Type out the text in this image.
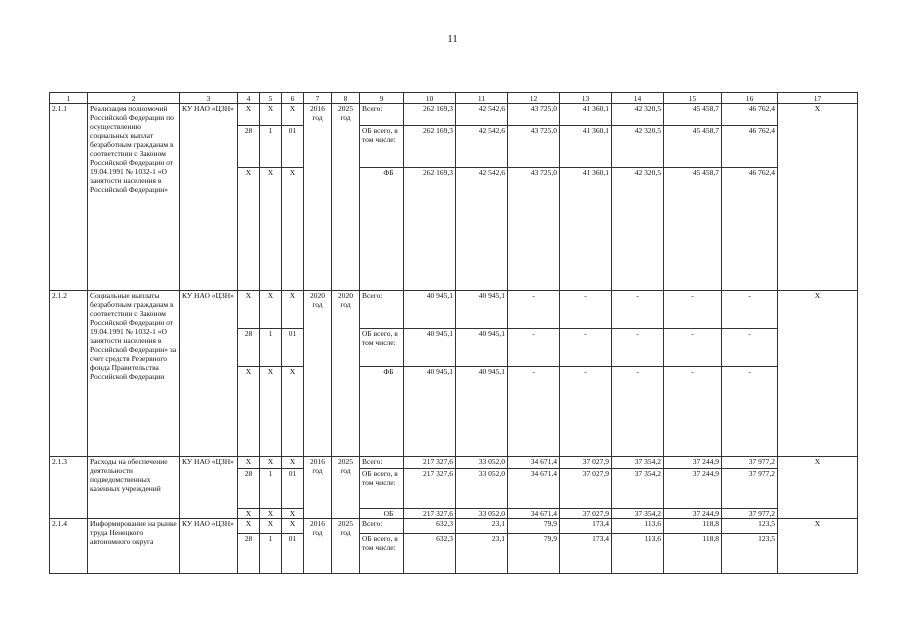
11
1	2	3	4	5	6	7	8	9	10	11	12	13	14	15	16	17
2.1.1	Реализация полномочий Российской Федерации по осуществлению социальных выплат безработным гражданам в соответствии с Законом Российской Федерации от 19.04.1991 № 1032-1 «О занятости населения в Российской Федерации»	КУ НАО «ЦЗН»	X	X	X	2016 год	2025 год	Всего:	262 169,3	42 542,6	43 725,0	41 360,1	42 320,5	45 458,7	46 762,4	X
			28	1	01			ОБ всего, в том числе:	262 169,3	42 542,6	43 725,0	41 360,1	42 320,5	45 458,7	46 762,4	
			X	X	X			ФБ	262 169,3	42 542,6	43 725,0	41 360,1	42 320,5	45 458,7	46 762,4	
2.1.2	Социальные выплаты безработным гражданам в соответствии с Законом Российской Федерации от 19.04.1991 № 1032-1 «О занятости населения в Российской Федерации» за счет средств Резервного фонда Правительства Российской Федерации	КУ НАО «ЦЗН»	X	X	X	2020 год	2020 год	Всего:	40 945,1	40 945,1	-	-	-	-	-	X
			28	1	01			ОБ всего, в том числе:	40 945,1	40 945,1	-	-	-	-	-	
			X	X	X			ФБ	40 945,1	40 945,1	-	-	-	-	-	
2.1.3	Расходы на обеспечение деятельности подведомственных казенных учреждений	КУ НАО «ЦЗН»	X	X	X	2016 год	2025 год	Всего:	217 327,6	33 052,0	34 671,4	37 027,9	37 354,2	37 244,9	37 977,2	X
			28	1	01			ОБ всего, в том числе:	217 327,6	33 052,0	34 671,4	37 027,9	37 354,2	37 244,9	37 977,2	
			X	X	X			ОБ	217 327,6	33 052,0	34 671,4	37 027,9	37 354,2	37 244,9	37 977,2	
2.1.4	Информирование на рынке труда Ненецкого автономного округа	КУ НАО «ЦЗН»	X	X	X	2016 год	2025 год	Всего:	632,3	23,1	79,9	173,4	113,6	118,8	123,5	X
			28	1	01			ОБ всего, в том числе:	632,3	23,1	79,9	173,4	113,6	118,8	123,5	
